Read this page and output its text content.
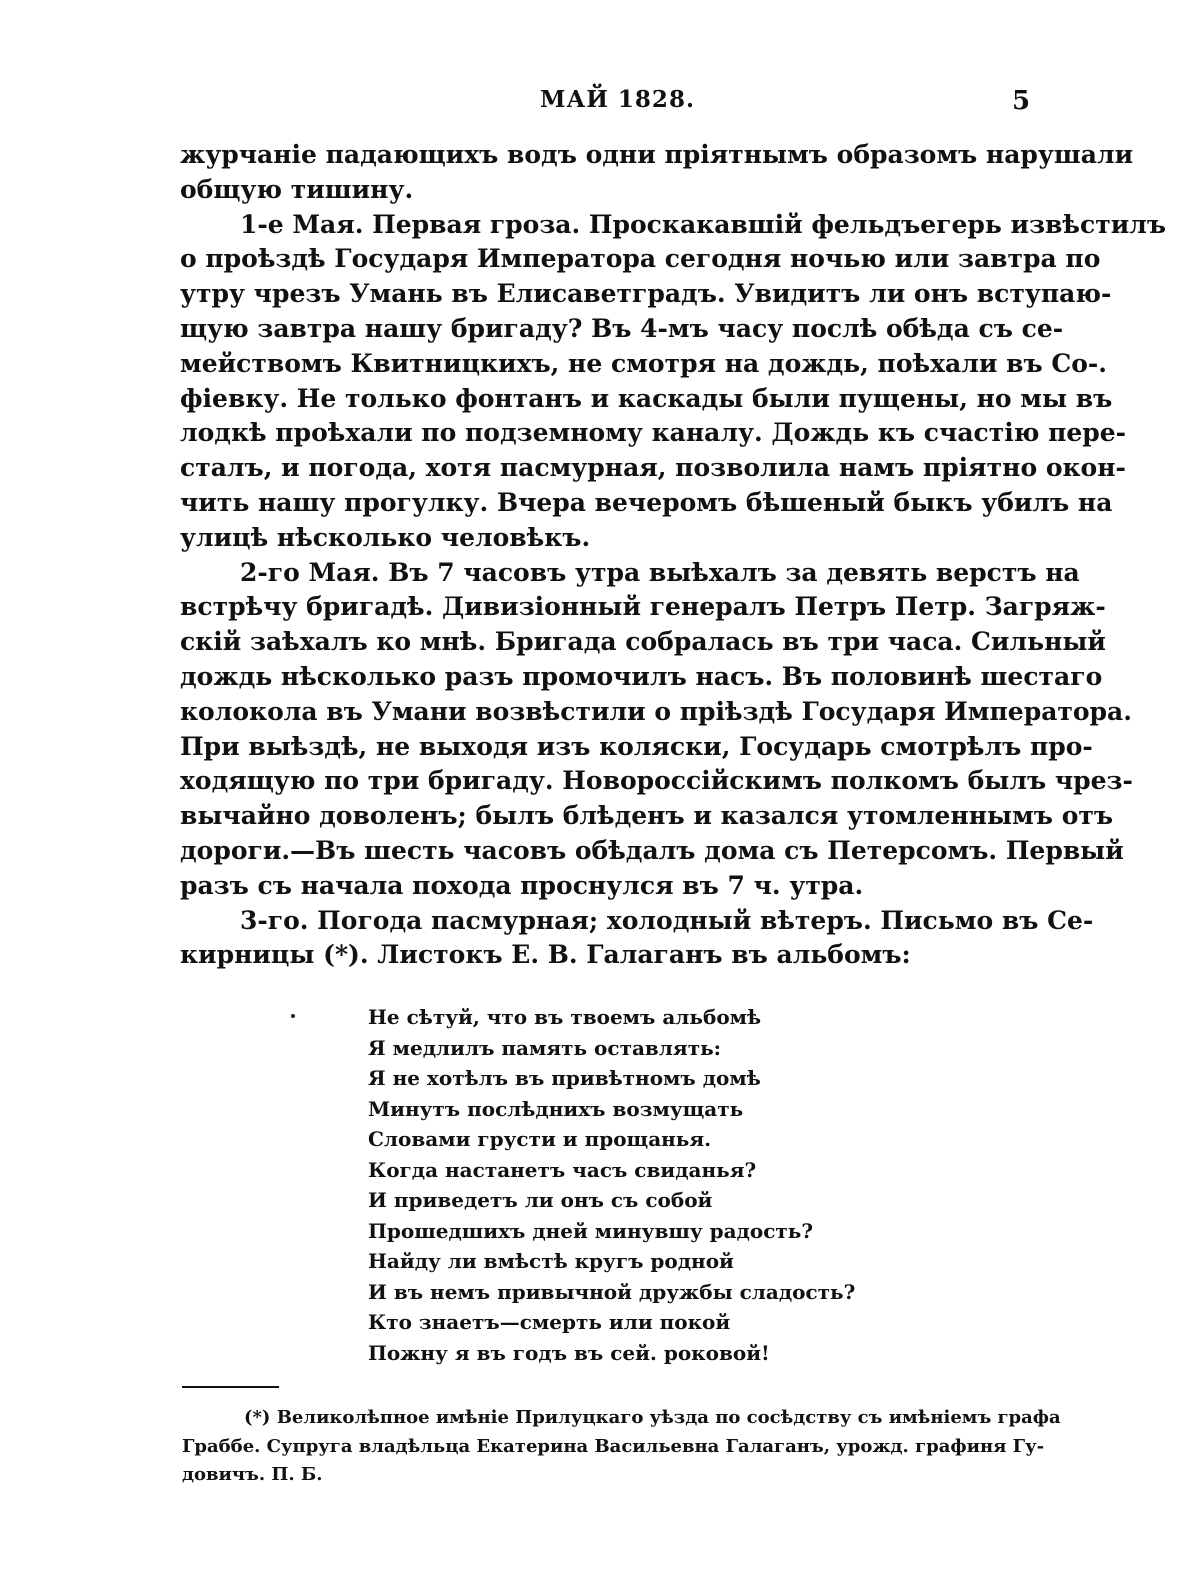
МАЙ 1828.	5
журчаніе падающихъ водъ одни пріятнымъ образомъ нарушали
общую тишину.
1-е Мая. Первая гроза. Проскакавшій фельдъегерь извѣстилъ
о проѣздѣ Государя Императора сегодня ночью или завтра по
утру чрезъ Умань въ Елисаветградъ. Увидитъ ли онъ вступаю-
щую завтра нашу бригаду? Въ 4-мъ часу послѣ обѣда съ се-
мействомъ Квитницкихъ, не смотря на дождь, поѣхали въ Со-.
фіевку. Не только фонтанъ и каскады были пущены, но мы въ
лодкѣ проѣхали по подземному каналу. Дождь къ счастію пере-
сталъ, и погода, хотя пасмурная, позволила намъ пріятно окон-
чить нашу прогулку. Вчера вечеромъ бѣшеный быкъ убилъ на
улицѣ нѣсколько человѣкъ.
2-го Мая. Въ 7 часовъ утра выѣхалъ за девять верстъ на
встрѣчу бригадѣ. Дивизіонный генералъ Петръ Петр. Загряж-
скій заѣхалъ ко мнѣ. Бригада собралась въ три часа. Сильный
дождь нѣсколько разъ промочилъ насъ. Въ половинѣ шестаго
колокола въ Умани возвѣстили о пріѣздѣ Государя Императора.
При выѣздѣ, не выходя изъ коляски, Государь смотрѣлъ про-
ходящую по три бригаду. Новороссійскимъ полкомъ былъ чрез-
вычайно доволенъ; былъ блѣденъ и казался утомленнымъ отъ
дороги.—Въ шесть часовъ обѣдалъ дома съ Петерсомъ. Первый
разъ съ начала похода проснулся въ 7 ч. утра.
3-го. Погода пасмурная; холодный вѣтеръ. Письмо въ Се-
кирницы (*). Листокъ Е. В. Галаганъ въ альбомъ:
Не сѣтуй, что въ твоемъ альбомѣ
Я медлилъ память оставлять:
Я не хотѣлъ въ привѣтномъ домѣ
Минутъ послѣднихъ возмущать
Словами грусти и прощанья.
Когда настанетъ часъ свиданья?
И приведетъ ли онъ съ собой
Прошедшихъ дней минувшу радость?
Найду ли вмѣстѣ кругъ родной
И въ немъ привычной дружбы сладость?
Кто знаетъ—смерть или покой
Пожну я въ годъ въ сей. роковой!
(*) Великолѣпное имѣніе Прилуцкаго уѣзда по сосѣдству съ имѣніемъ графа
Граббе. Супруга владѣльца Екатерина Васильевна Галаганъ, урожд. графиня Гу-
довичъ. П. Б.
